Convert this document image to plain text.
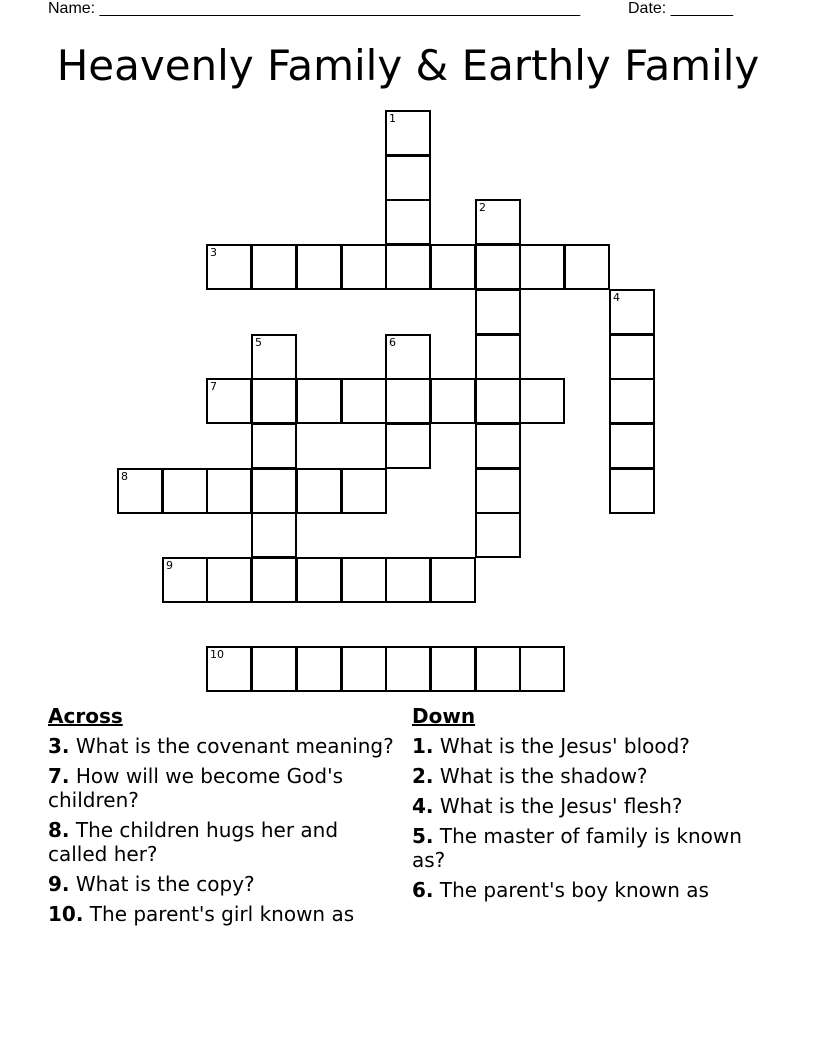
Name: ______________________________________________________	Date: _______
Heavenly Family & Earthly Family
1
2
3
4
5	6
7
8
9
10
Across
3. What is the covenant meaning?
7. How will we become God's children?
8. The children hugs her and called her?
9. What is the copy?
10. The parent's girl known as
Down
1. What is the Jesus' blood?
2. What is the shadow?
4. What is the Jesus' flesh?
5. The master of family is known as?
6. The parent's boy known as
